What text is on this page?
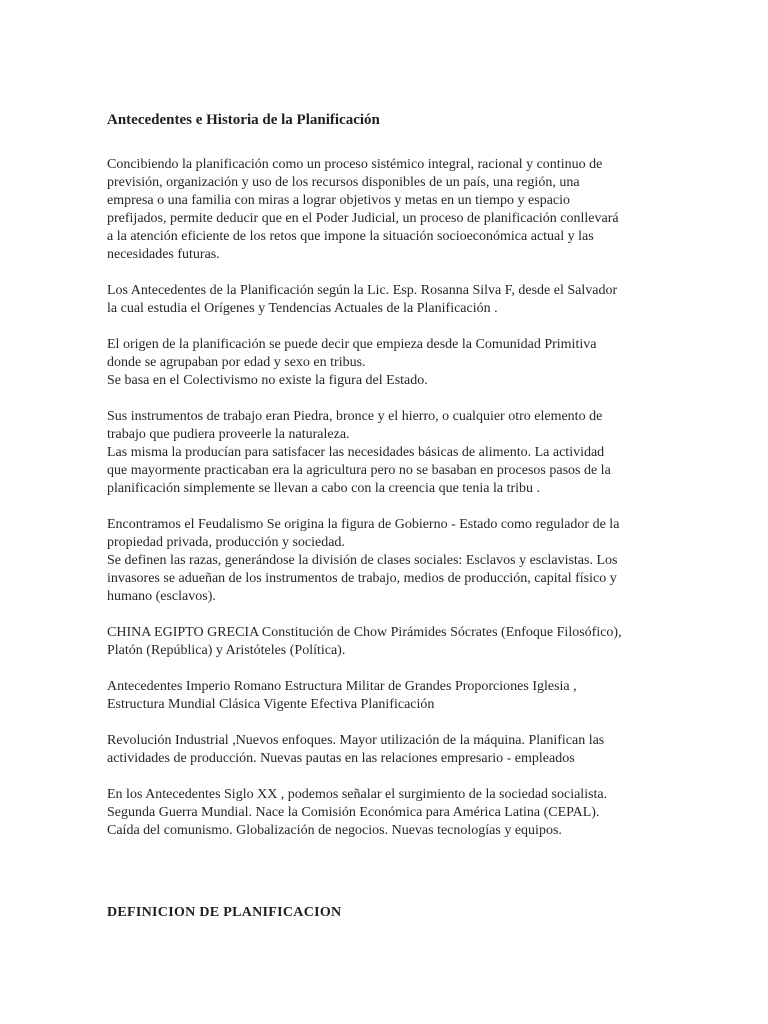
Antecedentes e Historia de la Planificación

Concibiendo la planificación como un proceso sistémico integral, racional y continuo de
previsión, organización y uso de los recursos disponibles de un país, una región, una
empresa o una familia con miras a lograr objetivos y metas en un tiempo y espacio
prefijados, permite deducir que en el Poder Judicial, un proceso de planificación conllevará
a la atención eficiente de los retos que impone la situación socioeconómica actual y las
necesidades futuras.

Los Antecedentes de la Planificación según la Lic. Esp. Rosanna Silva F, desde el Salvador
la cual estudia el Orígenes y Tendencias Actuales de la Planificación .

El origen de la planificación se puede decir que empieza desde la Comunidad Primitiva
donde se agrupaban por edad y sexo en tribus.
Se basa en el Colectivismo no existe la figura del Estado.

Sus instrumentos de trabajo eran Piedra, bronce y el hierro, o cualquier otro elemento de
trabajo que pudiera proveerle la naturaleza.
Las misma la producían para satisfacer las necesidades básicas de alimento. La actividad
que mayormente practicaban era la agricultura pero no se basaban en procesos pasos de la
planificación simplemente se llevan a cabo con la creencia que tenia la tribu .

Encontramos el Feudalismo Se origina la figura de Gobierno - Estado como regulador de la
propiedad privada, producción y sociedad.
Se definen las razas, generándose la división de clases sociales: Esclavos y esclavistas. Los
invasores se adueñan de los instrumentos de trabajo, medios de producción, capital físico y
humano (esclavos).

CHINA EGIPTO GRECIA Constitución de Chow Pirámides Sócrates (Enfoque Filosófico),
Platón (República) y Aristóteles (Política).

Antecedentes Imperio Romano Estructura Militar de Grandes Proporciones Iglesia ,
Estructura Mundial Clásica Vigente Efectiva Planificación

Revolución Industrial ,Nuevos enfoques. Mayor utilización de la máquina. Planifican las
actividades de producción. Nuevas pautas en las relaciones empresario - empleados

En los Antecedentes Siglo XX , podemos señalar el surgimiento de la sociedad socialista.
Segunda Guerra Mundial. Nace la Comisión Económica para América Latina (CEPAL).
Caída del comunismo. Globalización de negocios. Nuevas tecnologías y equipos.

DEFINICION DE PLANIFICACION
